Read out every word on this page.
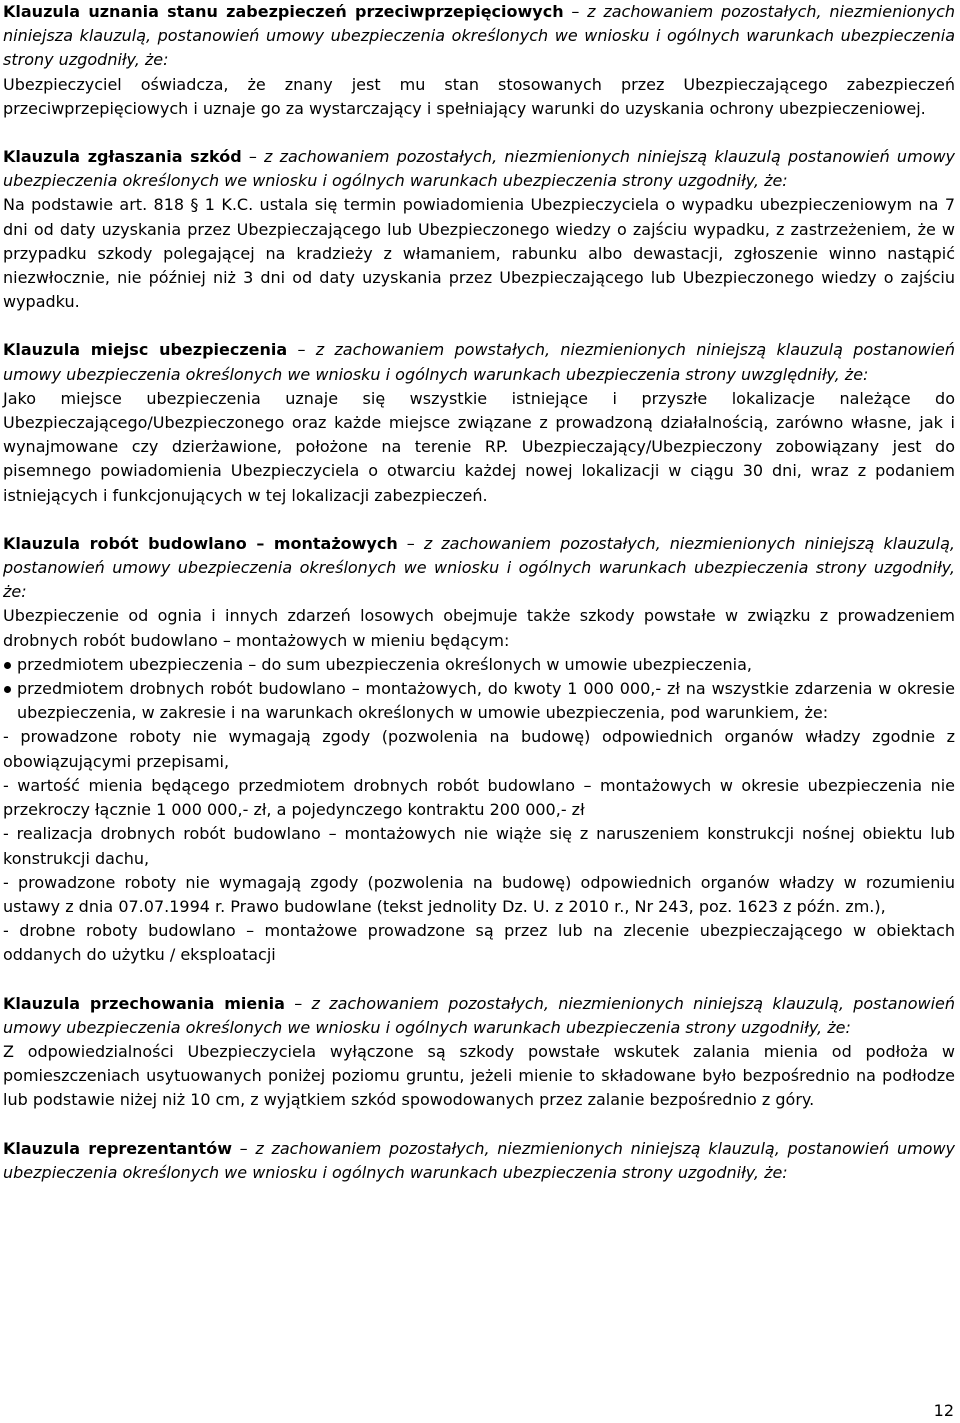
Klauzula uznania stanu zabezpieczeń przeciwprzepięciowych – z zachowaniem pozostałych, niezmienionych niniejsza klauzulą, postanowień umowy ubezpieczenia określonych we wniosku i ogólnych warunkach ubezpieczenia strony uzgodniły, że:

Ubezpieczyciel oświadcza, że znany jest mu stan stosowanych przez Ubezpieczającego zabezpieczeń przeciwprzepięciowych i uznaje go za wystarczający i spełniający warunki do uzyskania ochrony ubezpieczeniowej.

Klauzula zgłaszania szkód – z zachowaniem pozostałych, niezmienionych niniejszą klauzulą postanowień umowy ubezpieczenia określonych we wniosku i ogólnych warunkach ubezpieczenia strony uzgodniły, że:

Na podstawie art. 818 § 1 K.C. ustala się termin powiadomienia Ubezpieczyciela o wypadku ubezpieczeniowym na 7 dni od daty uzyskania przez Ubezpieczającego lub Ubezpieczonego wiedzy o zajściu wypadku, z zastrzeżeniem, że w przypadku szkody polegającej na kradzieży z włamaniem, rabunku albo dewastacji, zgłoszenie winno nastąpić niezwłocznie, nie później niż 3 dni od daty uzyskania przez Ubezpieczającego lub Ubezpieczonego wiedzy o zajściu wypadku.

Klauzula miejsc ubezpieczenia – z zachowaniem powstałych, niezmienionych niniejszą klauzulą postanowień umowy ubezpieczenia określonych we wniosku i ogólnych warunkach ubezpieczenia strony uwzględniły, że:

Jako miejsce ubezpieczenia uznaje się wszystkie istniejące i przyszłe lokalizacje należące do Ubezpieczającego/Ubezpieczonego oraz każde miejsce związane z prowadzoną działalnością, zarówno własne, jak i wynajmowane czy dzierżawione, położone na terenie RP. Ubezpieczający/Ubezpieczony zobowiązany jest do pisemnego powiadomienia Ubezpieczyciela o otwarciu każdej nowej lokalizacji w ciągu 30 dni, wraz z podaniem istniejących i funkcjonujących w tej lokalizacji zabezpieczeń.

Klauzula robót budowlano – montażowych – z zachowaniem pozostałych, niezmienionych niniejszą klauzulą, postanowień umowy ubezpieczenia określonych we wniosku i ogólnych warunkach ubezpieczenia strony uzgodniły, że:

Ubezpieczenie od ognia i innych zdarzeń losowych obejmuje także szkody powstałe w związku z prowadzeniem drobnych robót budowlano – montażowych w mieniu będącym:

przedmiotem ubezpieczenia – do sum ubezpieczenia określonych w umowie ubezpieczenia,
przedmiotem drobnych robót budowlano – montażowych, do kwoty 1 000 000,- zł na wszystkie zdarzenia w okresie ubezpieczenia, w zakresie i na warunkach określonych w umowie ubezpieczenia, pod warunkiem, że:

- prowadzone roboty nie wymagają zgody (pozwolenia na budowę) odpowiednich organów władzy zgodnie z obowiązującymi przepisami,

- wartość mienia będącego przedmiotem drobnych robót budowlano – montażowych w okresie ubezpieczenia nie przekroczy łącznie 1 000 000,- zł, a pojedynczego kontraktu 200 000,- zł

- realizacja drobnych robót budowlano – montażowych nie wiąże się z naruszeniem konstrukcji nośnej obiektu lub konstrukcji dachu,

- prowadzone roboty nie wymagają zgody (pozwolenia na budowę) odpowiednich organów władzy w rozumieniu ustawy z dnia 07.07.1994 r. Prawo budowlane (tekst jednolity Dz. U. z 2010 r., Nr 243, poz. 1623 z późn. zm.),

- drobne roboty budowlano – montażowe prowadzone są przez lub na zlecenie ubezpieczającego w obiektach oddanych do użytku / eksploatacji

Klauzula przechowania mienia – z zachowaniem pozostałych, niezmienionych niniejszą klauzulą, postanowień umowy ubezpieczenia określonych we wniosku i ogólnych warunkach ubezpieczenia strony uzgodniły, że:

Z odpowiedzialności Ubezpieczyciela wyłączone są szkody powstałe wskutek zalania mienia od podłoża w pomieszczeniach usytuowanych poniżej poziomu gruntu, jeżeli mienie to składowane było bezpośrednio na podłodze lub podstawie niżej niż 10 cm, z wyjątkiem szkód spowodowanych przez zalanie bezpośrednio z góry.

Klauzula reprezentantów – z zachowaniem pozostałych, niezmienionych niniejszą klauzulą, postanowień umowy ubezpieczenia określonych we wniosku i ogólnych warunkach ubezpieczenia strony uzgodniły, że:

12
